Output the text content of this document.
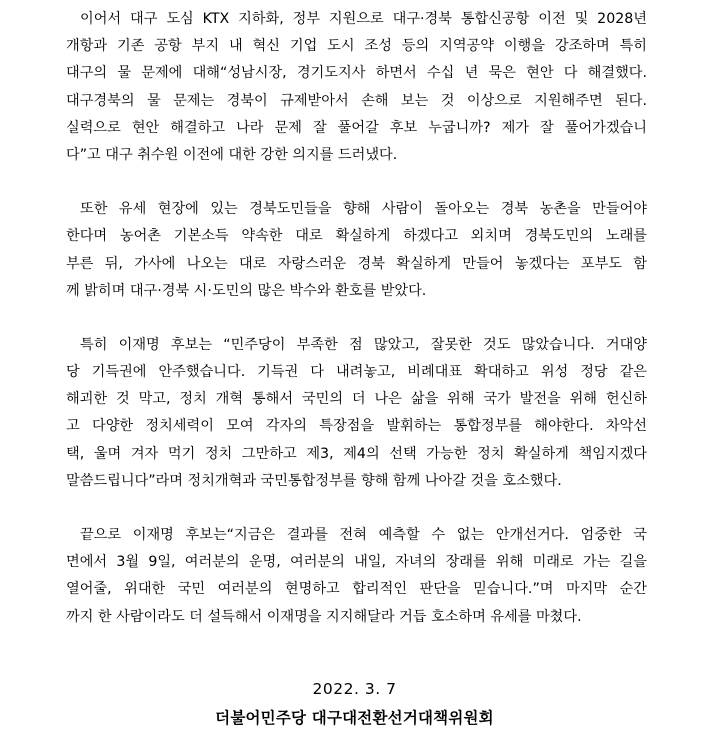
이어서 대구 도심 KTX 지하화, 정부 지원으로 대구·경북 통합신공항 이전 및 2028년
개항과 기존 공항 부지 내 혁신 기업 도시 조성 등의 지역공약 이행을 강조하며 특히
대구의 물 문제에 대해“성남시장, 경기도지사 하면서 수십 년 묵은 현안 다 해결했다.
대구경북의 물 문제는 경북이 규제받아서 손해 보는 것 이상으로 지원해주면 된다.
실력으로 현안 해결하고 나라 문제 잘 풀어갈 후보 누굽니까? 제가 잘 풀어가겠습니
다”고 대구 취수원 이전에 대한 강한 의지를 드러냈다.
또한 유세 현장에 있는 경북도민들을 향해 사람이 돌아오는 경북 농촌을 만들어야
한다며 농어촌 기본소득 약속한 대로 확실하게 하겠다고 외치며 경북도민의 노래를
부른 뒤, 가사에 나오는 대로 자랑스러운 경북 확실하게 만들어 놓겠다는 포부도 함
께 밝히며 대구·경북 시·도민의 많은 박수와 환호를 받았다.
특히 이재명 후보는 “민주당이 부족한 점 많았고, 잘못한 것도 많았습니다. 거대양
당 기득권에 안주했습니다. 기득권 다 내려놓고, 비례대표 확대하고 위성 정당 같은
해괴한 것 막고, 정치 개혁 통해서 국민의 더 나은 삶을 위해 국가 발전을 위해 헌신하
고 다양한 정치세력이 모여 각자의 특장점을 발휘하는 통합정부를 해야한다. 차악선
택, 울며 겨자 먹기 정치 그만하고 제3, 제4의 선택 가능한 정치 확실하게 책임지겠다
말씀드립니다”라며 정치개혁과 국민통합정부를 향해 함께 나아갈 것을 호소했다.
끝으로 이재명 후보는“지금은 결과를 전혀 예측할 수 없는 안개선거다. 엄중한 국
면에서 3월 9일, 여러분의 운명, 여러분의 내일, 자녀의 장래를 위해 미래로 가는 길을
열어줄, 위대한 국민 여러분의 현명하고 합리적인 판단을 믿습니다.”며 마지막 순간
까지 한 사람이라도 더 설득해서 이재명을 지지해달라 거듭 호소하며 유세를 마쳤다.
2022. 3. 7
더불어민주당 대구대전환선거대책위원회
